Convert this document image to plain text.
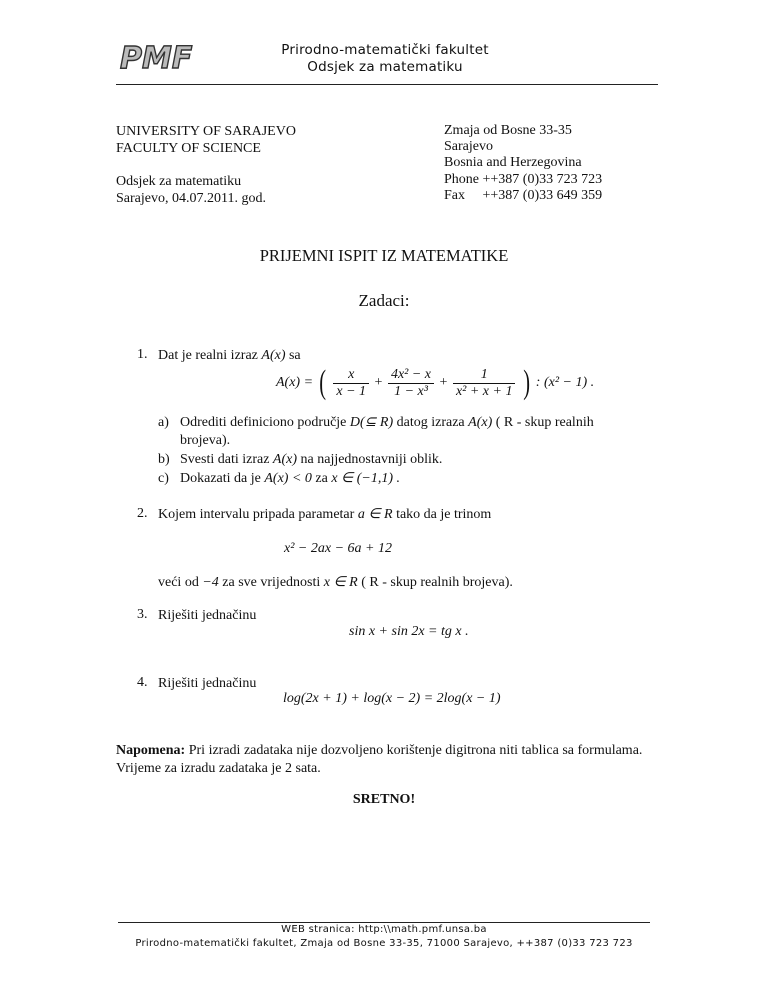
PMF	Prirodno-matematički fakultet
Odsjek za matematiku
UNIVERSITY OF SARAJEVO
FACULTY OF SCIENCE
Odsjek za matematiku
Sarajevo, 04.07.2011. god.
Zmaja od Bosne 33-35
Sarajevo
Bosnia and Herzegovina
Phone ++387 (0)33 723 723
Fax     ++387 (0)33 649 359
PRIJEMNI ISPIT IZ MATEMATIKE
Zadaci:
1. Dat je realni izraz A(x) sa
A(x) = ( $\frac{x}{x - 1} + \frac{\text{4x² − x}}{\text{1 − x³}} + \frac{1}{\text{x² + x + 1}}$ ) : (x² − 1) .
a) Odrediti definiciono područje D(⊆ R) datog izraza A(x) ( R - skup realnih
brojeva).
b) Svesti dati izraz A(x) na najjednostavniji oblik.
c) Dokazati da je A(x) < 0 za x ∈ (−1,1) .
2. Kojem intervalu pripada parametar a ∈ R tako da je trinom
x² − 2ax − 6a + 12
veći od −4 za sve vrijednosti x ∈ R ( R - skup realnih brojeva).
3. Riješiti jednačinu
sin x + sin 2x = tg x .
4. Riješiti jednačinu
log(2x + 1) + log(x − 2) = 2log(x − 1)
Napomena: Pri izradi zadataka nije dozvoljeno korištenje digitrona niti tablica sa formulama.
Vrijeme za izradu zadataka je 2 sata.
SRETNO!
WEB stranica: http:\\math.pmf.unsa.ba
Prirodno-matematički fakultet, Zmaja od Bosne 33-35, 71000 Sarajevo, ++387 (0)33 723 723
